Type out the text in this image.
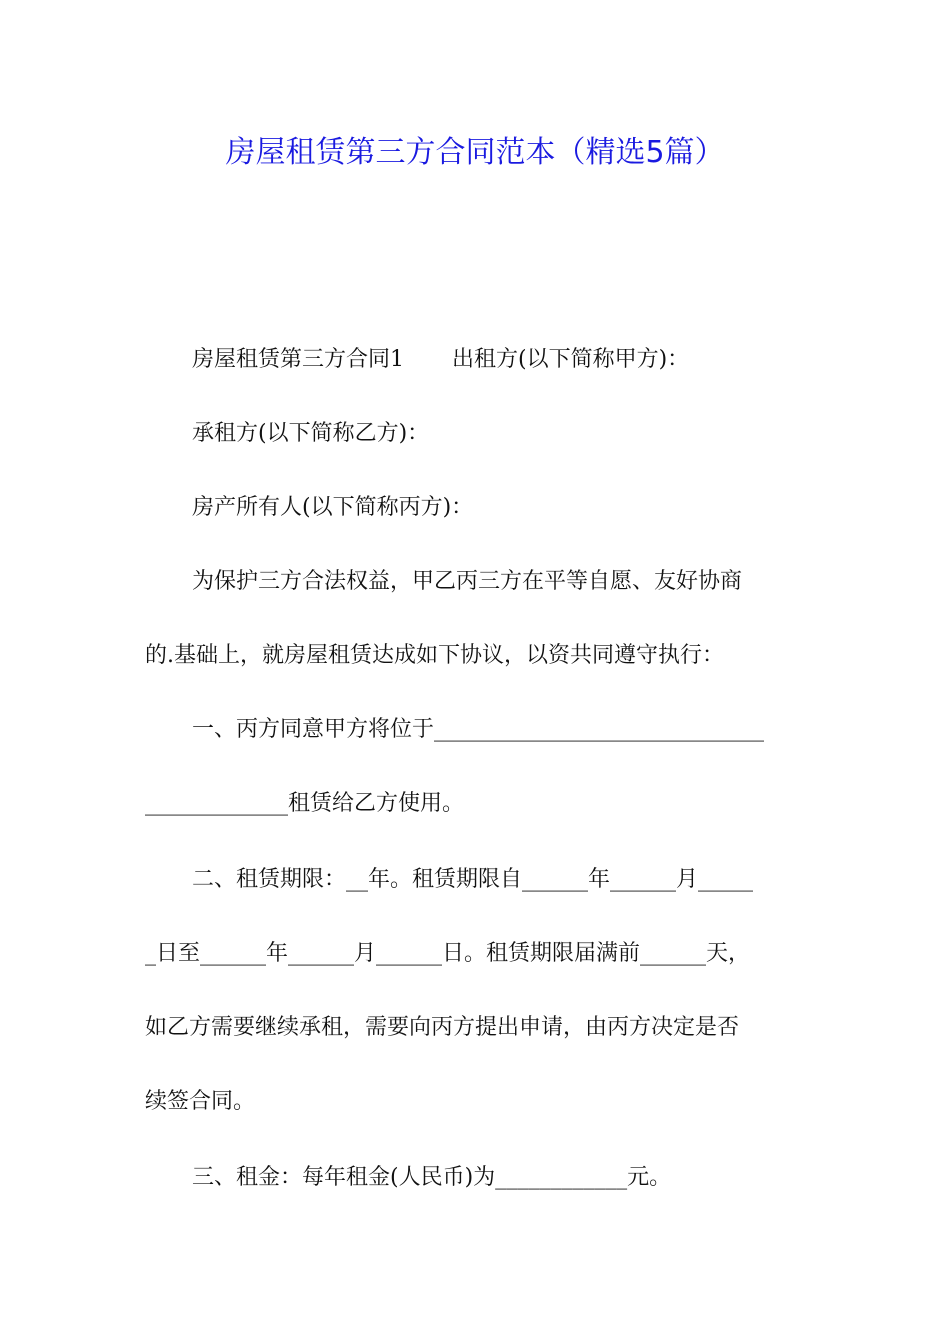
房屋租赁第三方合同范本（精选5篇）
房屋租赁第三方合同1 出租方(以下简称甲方)：
承租方(以下简称乙方)：
房产所有人(以下简称丙方)：
为保护三方合法权益，甲乙丙三方在平等自愿、友好协商
的.基础上，就房屋租赁达成如下协议，以资共同遵守执行：
一、丙方同意甲方将位于______________________________
_____________租赁给乙方使用。
二、租赁期限：__年。租赁期限自______年______月_____
_日至______年______月______日。租赁期限届满前______天，
如乙方需要继续承租，需要向丙方提出申请，由丙方决定是否
续签合同。
三、租金：每年租金(人民币)为____________元。
